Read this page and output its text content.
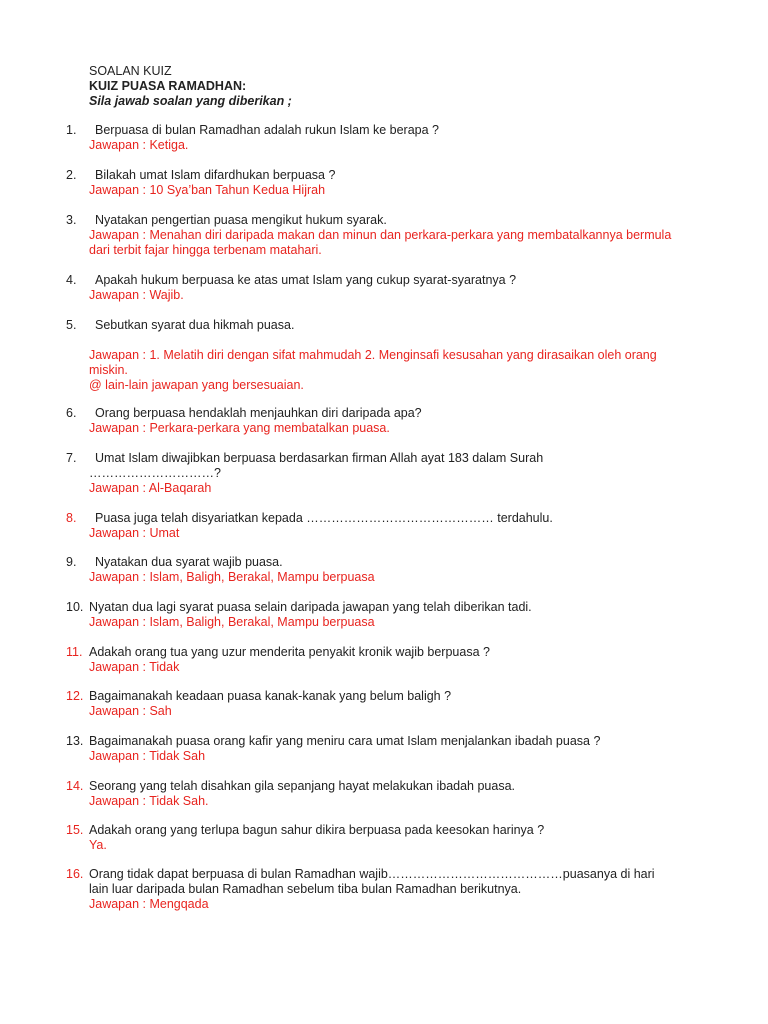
SOALAN KUIZ
KUIZ PUASA RAMADHAN:
Sila jawab soalan yang diberikan ;
1.	Berpuasa di bulan Ramadhan adalah rukun Islam ke berapa ?
Jawapan : Ketiga.
2.	Bilakah umat Islam difardhukan berpuasa ?
Jawapan : 10 Sya’ban Tahun Kedua Hijrah
3.	Nyatakan pengertian puasa mengikut hukum syarak.
Jawapan : Menahan diri daripada makan dan minun dan perkara-perkara yang membatalkannya bermula
dari terbit fajar hingga terbenam matahari.
4.	Apakah hukum berpuasa ke atas umat Islam yang cukup syarat-syaratnya ?
Jawapan : Wajib.
5.	Sebutkan syarat dua hikmah puasa.
Jawapan : 1. Melatih diri dengan sifat mahmudah 2. Menginsafi kesusahan yang dirasaikan oleh orang
miskin.
@ lain-lain jawapan yang bersesuaian.
6.	Orang berpuasa hendaklah menjauhkan diri daripada apa?
Jawapan : Perkara-perkara yang membatalkan puasa.
7.	Umat Islam diwajibkan berpuasa berdasarkan firman Allah ayat 183 dalam Surah
…………………………?
Jawapan : Al-Baqarah
8.	Puasa juga telah disyariatkan kepada ……………………………………… terdahulu.
Jawapan : Umat
9.	Nyatakan dua syarat wajib puasa.
Jawapan : Islam, Baligh, Berakal, Mampu berpuasa
10. Nyatan dua lagi syarat puasa selain daripada jawapan yang telah diberikan tadi.
Jawapan : Islam, Baligh, Berakal, Mampu berpuasa
11. Adakah orang tua yang uzur menderita penyakit kronik wajib berpuasa ?
Jawapan : Tidak
12. Bagaimanakah keadaan puasa kanak-kanak yang belum baligh ?
Jawapan : Sah
13. Bagaimanakah puasa orang kafir yang meniru cara umat Islam menjalankan ibadah puasa ?
Jawapan : Tidak Sah
14. Seorang yang telah disahkan gila sepanjang hayat melakukan ibadah puasa.
Jawapan : Tidak Sah.
15. Adakah orang yang terlupa bagun sahur dikira berpuasa pada keesokan harinya ?
Ya.
16. Orang tidak dapat berpuasa di bulan Ramadhan wajib……………………………………puasanya di hari
lain luar daripada bulan Ramadhan sebelum tiba bulan Ramadhan berikutnya.
Jawapan : Mengqada
